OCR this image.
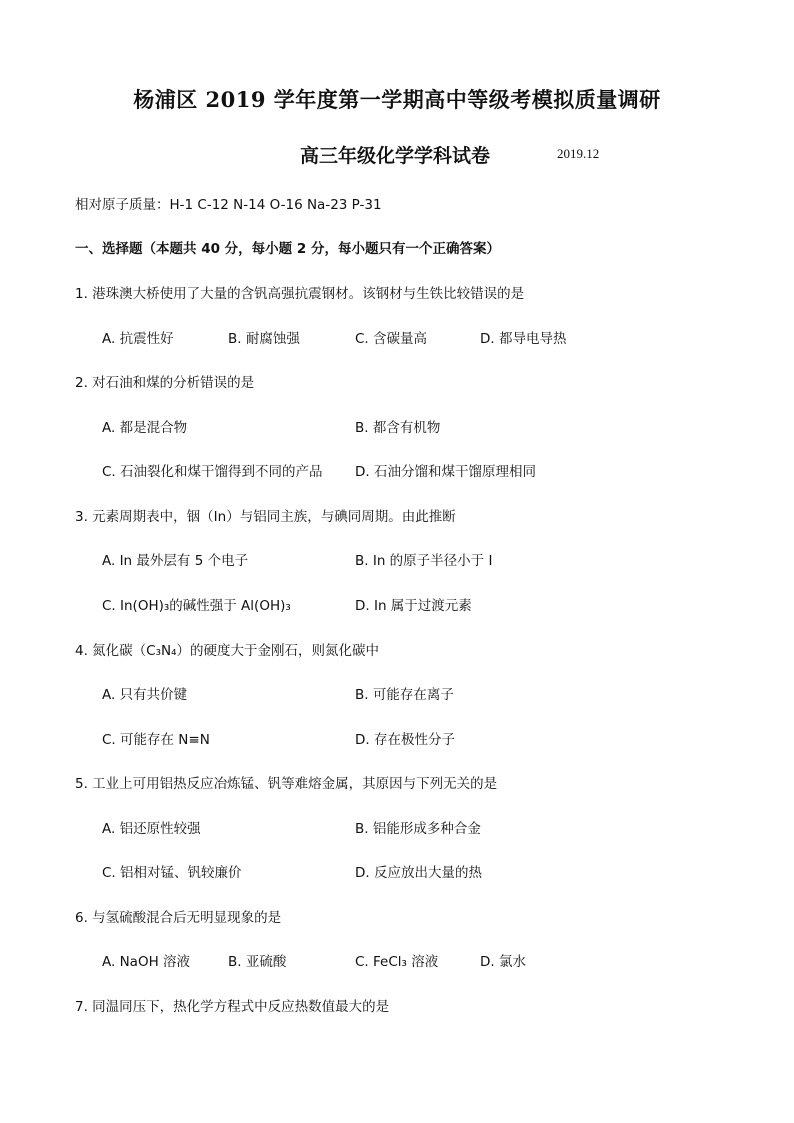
杨浦区 2019 学年度第一学期高中等级考模拟质量调研
高三年级化学学科试卷	2019.12
相对原子质量：H-1 C-12 N-14 O-16 Na-23 P-31
一、选择题（本题共 40 分，每小题 2 分，每小题只有一个正确答案）
1. 港珠澳大桥使用了大量的含钒高强抗震钢材。该钢材与生铁比较错误的是
A. 抗震性好	B. 耐腐蚀强	C. 含碳量高	D. 都导电导热
2. 对石油和煤的分析错误的是
A. 都是混合物	B. 都含有机物
C. 石油裂化和煤干馏得到不同的产品 D. 石油分馏和煤干馏原理相同
3. 元素周期表中，铟（In）与铝同主族，与碘同周期。由此推断
A. In 最外层有 5 个电子	B. In 的原子半径小于 I
C. In(OH)₃的碱性强于 Al(OH)₃	D. In 属于过渡元素
4. 氮化碳（C₃N₄）的硬度大于金刚石，则氮化碳中
A. 只有共价键	B. 可能存在离子
C. 可能存在 N≡N	D. 存在极性分子
5. 工业上可用铝热反应冶炼锰、钒等难熔金属，其原因与下列无关的是
A. 铝还原性较强	B. 铝能形成多种合金
C. 铝相对锰、钒较廉价	D. 反应放出大量的热
6. 与氢硫酸混合后无明显现象的是
A. NaOH 溶液	B. 亚硫酸	C. FeCl₃ 溶液	D. 氯水
7. 同温同压下，热化学方程式中反应热数值最大的是
